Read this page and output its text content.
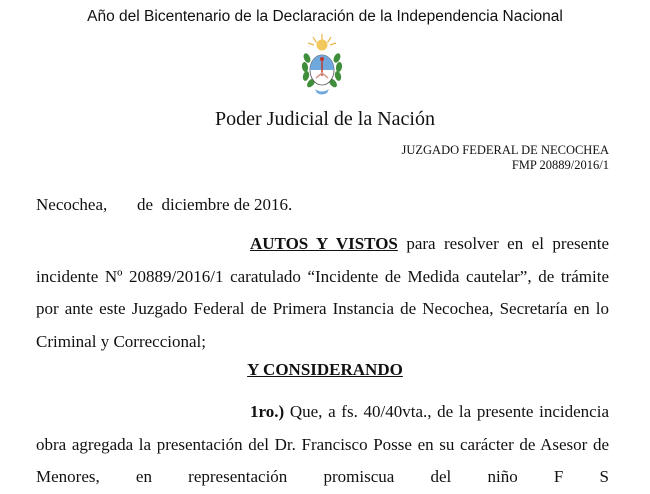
Año del Bicentenario de la Declaración de la Independencia Nacional
Poder Judicial de la Nación
JUZGADO FEDERAL DE NECOCHEA
FMP 20889/2016/1
Necochea,       de  diciembre de 2016.
AUTOS Y VISTOS para resolver en el presente incidente Nº 20889/2016/1 caratulado “Incidente de Medida cautelar”, de trámite por ante este Juzgado Federal de Primera Instancia de Necochea, Secretaría en lo Criminal y Correccional;
Y CONSIDERANDO
1ro.) Que, a fs. 40/40vta., de la presente incidencia obra agregada la presentación del Dr. Francisco Posse en su carácter de Asesor de Menores, en representación promiscua del niño F S
